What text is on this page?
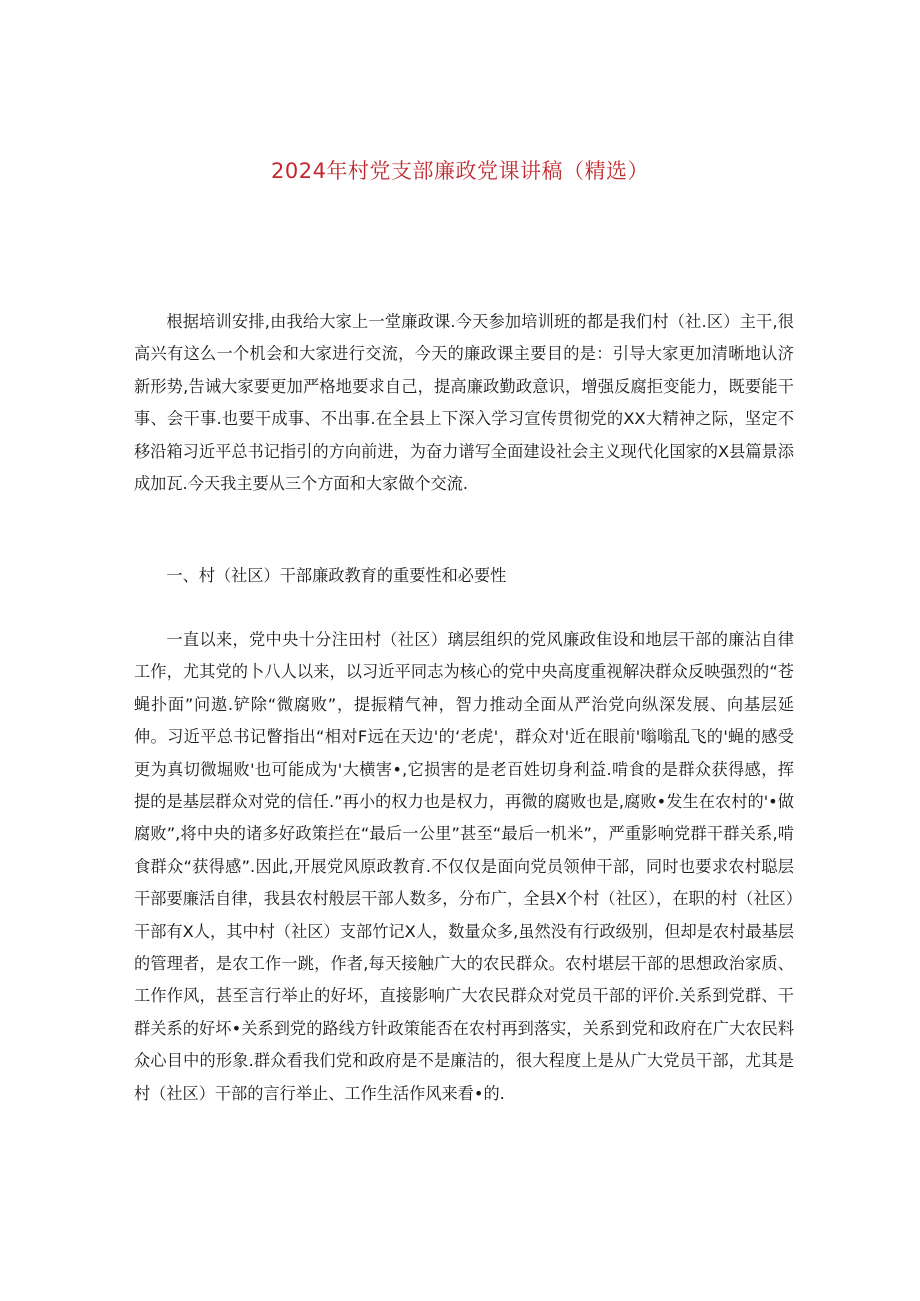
2024年村党支部廉政党课讲稿（精选）

根据培训安排,由我给大家上一堂廉政课.今天参加培训班的都是我们村（社.区）主干,很高兴有这么一个机会和大家进行交流，今天的廉政课主要目的是：引导大家更加清晰地认济新形势,告诫大家要更加严格地要求自己，提高廉政勤政意识，增强反腐拒变能力，既要能干事、会干事.也要干成事、不出事.在全县上下深入学习宣传贯彻党的XX大精神之际，坚定不移沿箱习近平总书记指引的方向前进，为奋力谱写全面建设社会主义现代化国家的X县篇景添成加瓦.今天我主要从三个方面和大家做个交流.

一、村（社区）干部廉政教育的重要性和必要性

一直以来，党中央十分注田村（社区）璃层组织的党风廉政隹设和地层干部的廉沾自律工作，尤其党的卜八人以来，以习近平同志为核心的党中央高度重视解决群众反映强烈的“苍蝇扑面”问遨.铲除“微腐败”，提振精气神，智力推动全面从严治党向纵深发展、向基层延伸。习近平总书记瞥指出“相对F远在天边'的‘老虎'，群众对'近在眼前'嗡嗡乱飞的'蝇的感受更为真切微堀败'也可能成为'大横害•,它损害的是老百姓切身利益.啃食的是群众获得感，挥提的是基层群众对党的信任.”再小的权力也是权力，再微的腐败也是,腐败•发生在农村的'•做腐败”,将中央的诸多好政策拦在“最后一公里”甚至“最后一机米”，严重影响党群干群关系,啃食群众“获得感”.因此,开展党风原政教育.不仅仅是面向党员领伸干部，同时也要求农村聪层干部要廉活自律，我县农村般层干部人数多，分布广，全县X个村（社区），在职的村（社区）干部有X人，其中村（社区）支部竹记X人，数量众多,虽然没有行政级别，但却是农村最基层的管理者，是农工作一跳，作者,每天接触广大的农民群众。农村堪层干部的思想政治家质、工作作风，甚至言行举止的好坏，直接影响广大农民群众对党员干部的评价.关系到党群、干群关系的好坏•关系到党的路线方针政策能否在农村再到落实，关系到党和政府在广大农民料众心目中的形象.群众看我们党和政府是不是廉洁的，很大程度上是从广大党员干部，尤其是村（社区）干部的言行举止、工作生活作风来看•的.
